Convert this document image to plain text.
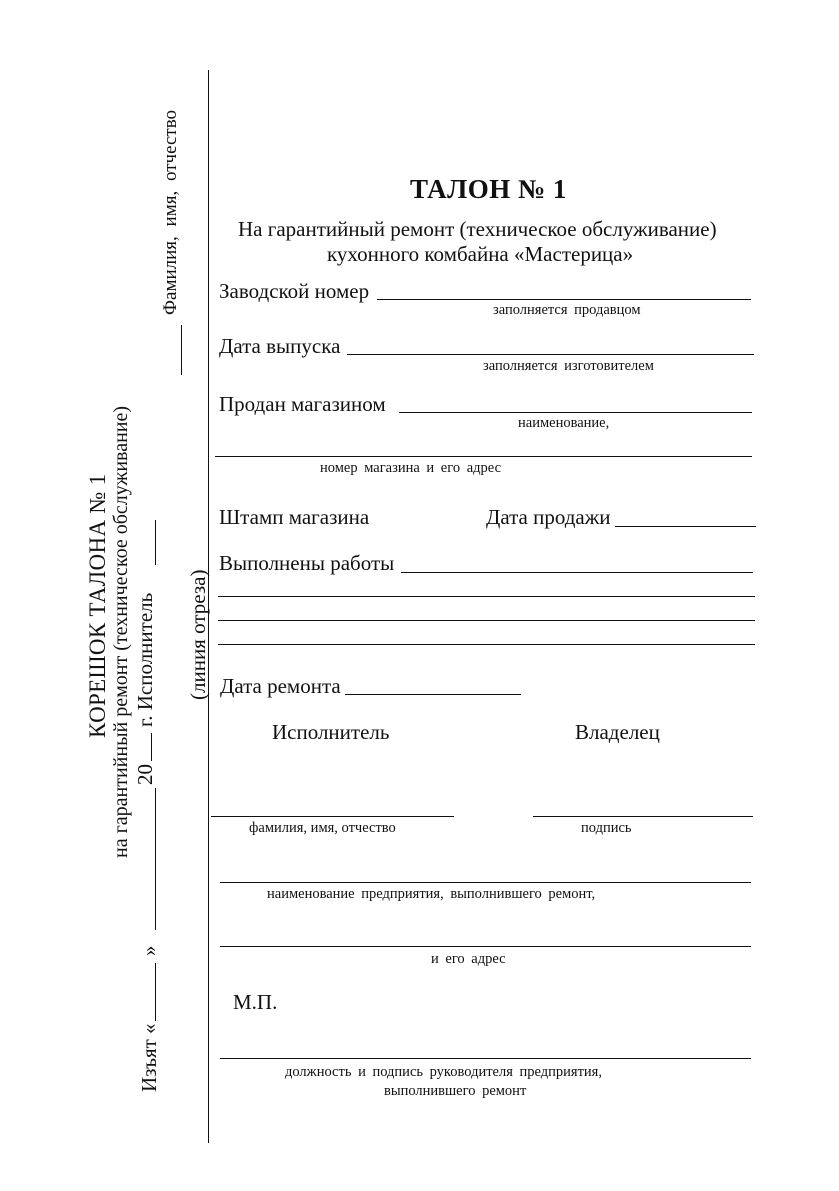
Изъят «
»
КОРЕШОК ТАЛОНА № 1 на гарантийный ремонт (техническое обслуживание) 20
г. Исполнитель
Фамилия, имя, отчество
(линия отреза)
ТАЛОН № 1
На гарантийный ремонт (техническое обслуживание)
кухонного комбайна «Мастерица»
Заводской номер
заполняется продавцом
Дата выпуска
заполняется изготовителем
Продан магазином
наименование,
номер магазина и его адрес
Штамп магазина	Дата продажи
Выполнены работы
Дата ремонта
Исполнитель	Владелец
фамилия, имя, отчество	подпись
наименование предприятия, выполнившего ремонт,
и его адрес
М.П.
должность и подпись руководителя предприятия,
выполнившего ремонт
